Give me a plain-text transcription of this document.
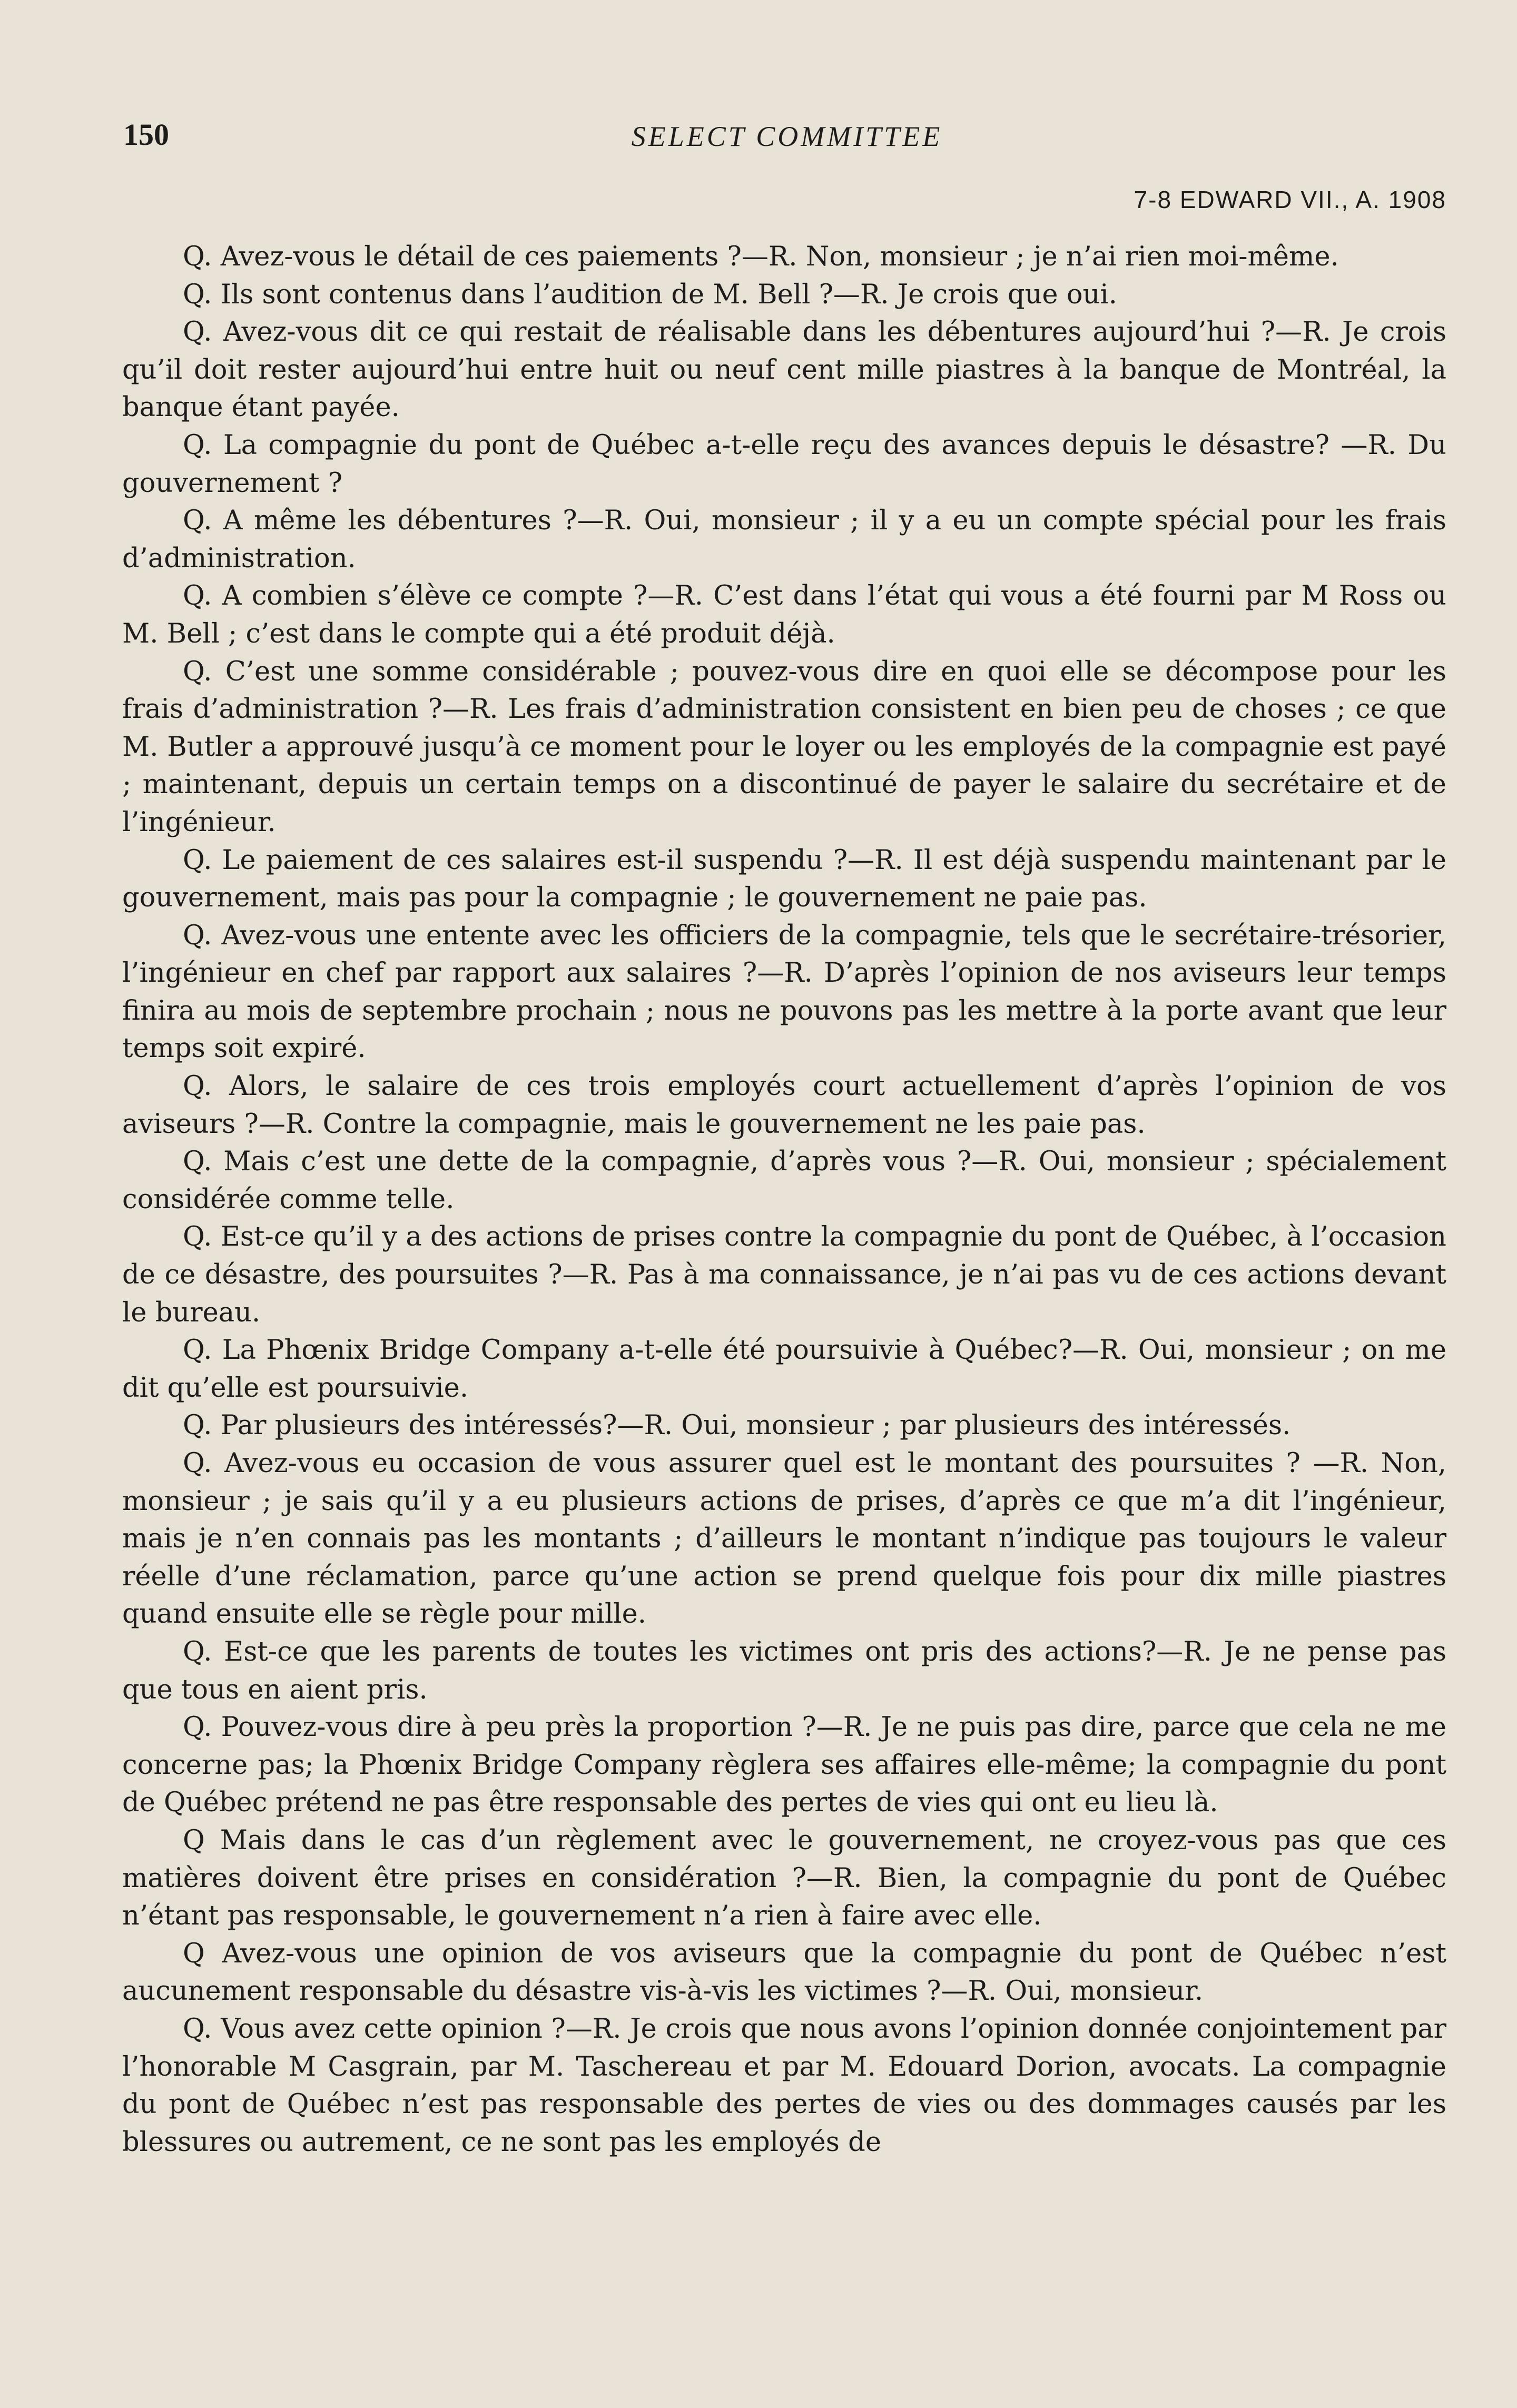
150	SELECT COMMITTEE
7-8 EDWARD VII., A. 1908

Q. Avez-vous le détail de ces paiements ?—R. Non, monsieur ; je n’ai rien moi-même.

Q. Ils sont contenus dans l’audition de M. Bell ?—R. Je crois que oui.

Q. Avez-vous dit ce qui restait de réalisable dans les débentures aujourd’hui ?—R. Je crois qu’il doit rester aujourd’hui entre huit ou neuf cent mille piastres à la banque de Montréal, la banque étant payée.

Q. La compagnie du pont de Québec a-t-elle reçu des avances depuis le désastre? —R. Du gouvernement ?

Q. A même les débentures ?—R. Oui, monsieur ; il y a eu un compte spécial pour les frais d’administration.

Q. A combien s’élève ce compte ?—R. C’est dans l’état qui vous a été fourni par M Ross ou M. Bell ; c’est dans le compte qui a été produit déjà.

Q. C’est une somme considérable ; pouvez-vous dire en quoi elle se décompose pour les frais d’administration ?—R. Les frais d’administration consistent en bien peu de choses ; ce que M. Butler a approuvé jusqu’à ce moment pour le loyer ou les employés de la compagnie est payé ; maintenant, depuis un certain temps on a discontinué de payer le salaire du secrétaire et de l’ingénieur.

Q. Le paiement de ces salaires est-il suspendu ?—R. Il est déjà suspendu maintenant par le gouvernement, mais pas pour la compagnie ; le gouvernement ne paie pas.

Q. Avez-vous une entente avec les officiers de la compagnie, tels que le secrétaire-trésorier, l’ingénieur en chef par rapport aux salaires ?—R. D’après l’opinion de nos aviseurs leur temps finira au mois de septembre prochain ; nous ne pouvons pas les mettre à la porte avant que leur temps soit expiré.

Q. Alors, le salaire de ces trois employés court actuellement d’après l’opinion de vos aviseurs ?—R. Contre la compagnie, mais le gouvernement ne les paie pas.

Q. Mais c’est une dette de la compagnie, d’après vous ?—R. Oui, monsieur ; spécialement considérée comme telle.

Q. Est-ce qu’il y a des actions de prises contre la compagnie du pont de Québec, à l’occasion de ce désastre, des poursuites ?—R. Pas à ma connaissance, je n’ai pas vu de ces actions devant le bureau.

Q. La Phœnix Bridge Company a-t-elle été poursuivie à Québec?—R. Oui, monsieur ; on me dit qu’elle est poursuivie.

Q. Par plusieurs des intéressés?—R. Oui, monsieur ; par plusieurs des intéressés.

Q. Avez-vous eu occasion de vous assurer quel est le montant des poursuites ? —R. Non, monsieur ; je sais qu’il y a eu plusieurs actions de prises, d’après ce que m’a dit l’ingénieur, mais je n’en connais pas les montants ; d’ailleurs le montant n’indique pas toujours le valeur réelle d’une réclamation, parce qu’une action se prend quelque fois pour dix mille piastres quand ensuite elle se règle pour mille.

Q. Est-ce que les parents de toutes les victimes ont pris des actions?—R. Je ne pense pas que tous en aient pris.

Q. Pouvez-vous dire à peu près la proportion ?—R. Je ne puis pas dire, parce que cela ne me concerne pas; la Phœnix Bridge Company règlera ses affaires elle-même; la compagnie du pont de Québec prétend ne pas être responsable des pertes de vies qui ont eu lieu là.

Q Mais dans le cas d’un règlement avec le gouvernement, ne croyez-vous pas que ces matières doivent être prises en considération ?—R. Bien, la compagnie du pont de Québec n’étant pas responsable, le gouvernement n’a rien à faire avec elle.

Q Avez-vous une opinion de vos aviseurs que la compagnie du pont de Québec n’est aucunement responsable du désastre vis-à-vis les victimes ?—R. Oui, monsieur.

Q. Vous avez cette opinion ?—R. Je crois que nous avons l’opinion donnée conjointement par l’honorable M Casgrain, par M. Taschereau et par M. Edouard Dorion, avocats. La compagnie du pont de Québec n’est pas responsable des pertes de vies ou des dommages causés par les blessures ou autrement, ce ne sont pas les employés de
